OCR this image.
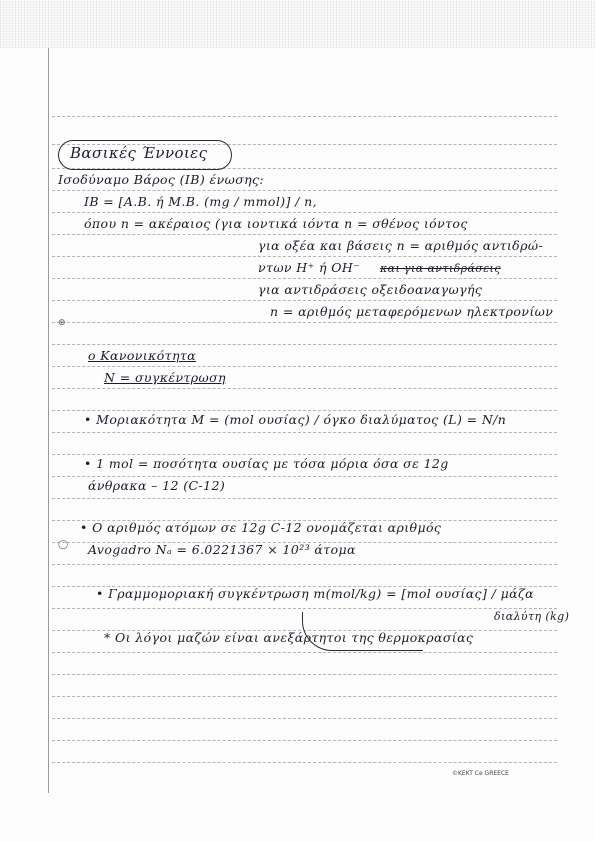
Βασικές Έννοιες
Ισοδύναμο Βάρος (ΙΒ) ένωσης:
ΙΒ = [Α.Β. ή Μ.Β. (mg / mmol)] / n,
όπου n = ακέραιος (για ιοντικά ιόντα n = σθένος ιόντος
για οξέα και βάσεις n = αριθμός αντιδρώ-
ντων H⁺ ή OH⁻ και για αντιδράσεις
για αντιδράσεις οξειδοαναγωγής
n = αριθμός μεταφερόμενων ηλεκτρονίων
⊛
ο Κανονικότητα
N = συγκέντρωση
• Μοριακότητα M = (mol ουσίας) / όγκο διαλύματος (L) = N/n
• 1 mol = ποσότητα ουσίας με τόσα μόρια όσα σε 12g
άνθρακα – 12 (C-12)
• Ο αριθμός ατόμων σε 12g C-12 ονομάζεται αριθμός
◯ Avogadro Nₐ = 6.0221367 × 10²³ άτομα
• Γραμμομοριακή συγκέντρωση m(mol/kg) = [mol ουσίας] / μάζα
διαλύτη (kg)
* Οι λόγοι μαζών είναι ανεξάρτητοι της θερμοκρασίας
©KEKT Ce GREECE
